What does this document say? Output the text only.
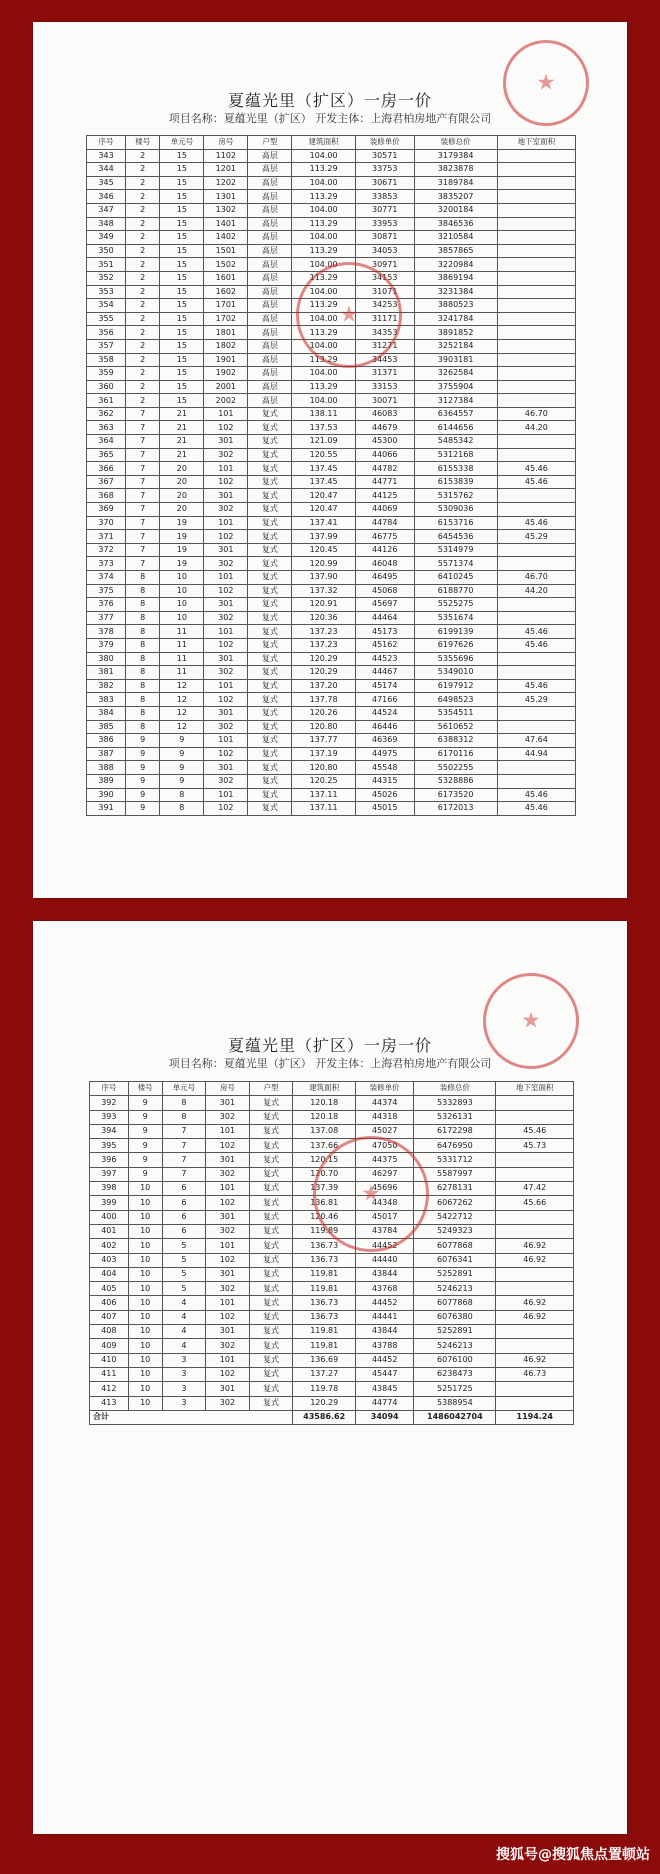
夏蕴光里（扩区）一房一价
项目名称：夏蕴光里（扩区） 开发主体：上海君柏房地产有限公司
序号	楼号	单元号	房号	户型	建筑面积	装修单价	装修总价	地下室面积
343	2	15	1102	高层	104.00	30571	3179384	
344	2	15	1201	高层	113.29	33753	3823878	
345	2	15	1202	高层	104.00	30671	3189784	
346	2	15	1301	高层	113.29	33853	3835207	
347	2	15	1302	高层	104.00	30771	3200184	
348	2	15	1401	高层	113.29	33953	3846536	
349	2	15	1402	高层	104.00	30871	3210584	
350	2	15	1501	高层	113.29	34053	3857865	
351	2	15	1502	高层	104.00	30971	3220984	
352	2	15	1601	高层	113.29	34153	3869194	
353	2	15	1602	高层	104.00	31071	3231384	
354	2	15	1701	高层	113.29	34253	3880523	
355	2	15	1702	高层	104.00	31171	3241784	
356	2	15	1801	高层	113.29	34353	3891852	
357	2	15	1802	高层	104.00	31271	3252184	
358	2	15	1901	高层	113.29	34453	3903181	
359	2	15	1902	高层	104.00	31371	3262584	
360	2	15	2001	高层	113.29	33153	3755904	
361	2	15	2002	高层	104.00	30071	3127384	
362	7	21	101	复式	138.11	46083	6364557	46.70
363	7	21	102	复式	137.53	44679	6144656	44.20
364	7	21	301	复式	121.09	45300	5485342	
365	7	21	302	复式	120.55	44066	5312168	
366	7	20	101	复式	137.45	44782	6155338	45.46
367	7	20	102	复式	137.45	44771	6153839	45.46
368	7	20	301	复式	120.47	44125	5315762	
369	7	20	302	复式	120.47	44069	5309036	
370	7	19	101	复式	137.41	44784	6153716	45.46
371	7	19	102	复式	137.99	46775	6454536	45.29
372	7	19	301	复式	120.45	44126	5314979	
373	7	19	302	复式	120.99	46048	5571374	
374	8	10	101	复式	137.90	46495	6410245	46.70
375	8	10	102	复式	137.32	45068	6188770	44.20
376	8	10	301	复式	120.91	45697	5525275	
377	8	10	302	复式	120.36	44464	5351674	
378	8	11	101	复式	137.23	45173	6199139	45.46
379	8	11	102	复式	137.23	45162	6197626	45.46
380	8	11	301	复式	120.29	44523	5355696	
381	8	11	302	复式	120.29	44467	5349010	
382	8	12	101	复式	137.20	45174	6197912	45.46
383	8	12	102	复式	137.78	47166	6498523	45.29
384	8	12	301	复式	120.26	44524	5354511	
385	8	12	302	复式	120.80	46446	5610652	
386	9	9	101	复式	137.77	46369	6388312	47.64
387	9	9	102	复式	137.19	44975	6170116	44.94
388	9	9	301	复式	120.80	45548	5502255	
389	9	9	302	复式	120.25	44315	5328886	
390	9	8	101	复式	137.11	45026	6173520	45.46
391	9	8	102	复式	137.11	45015	6172013	45.46
★
★
夏蕴光里（扩区）一房一价
项目名称：夏蕴光里（扩区） 开发主体：上海君柏房地产有限公司
序号	楼号	单元号	房号	户型	建筑面积	装修单价	装修总价	地下室面积
392	9	8	301	复式	120.18	44374	5332893	
393	9	8	302	复式	120.18	44318	5326131	
394	9	7	101	复式	137.08	45027	6172298	45.46
395	9	7	102	复式	137.66	47050	6476950	45.73
396	9	7	301	复式	120.15	44375	5331712	
397	9	7	302	复式	120.70	46297	5587997	
398	10	6	101	复式	137.39	45696	6278131	47.42
399	10	6	102	复式	136.81	44348	6067262	45.66
400	10	6	301	复式	120.46	45017	5422712	
401	10	6	302	复式	119.89	43784	5249323	
402	10	5	101	复式	136.73	44452	6077868	46.92
403	10	5	102	复式	136.73	44440	6076341	46.92
404	10	5	301	复式	119.81	43844	5252891	
405	10	5	302	复式	119.81	43768	5246213	
406	10	4	101	复式	136.73	44452	6077868	46.92
407	10	4	102	复式	136.73	44441	6076380	46.92
408	10	4	301	复式	119.81	43844	5252891	
409	10	4	302	复式	119.81	43788	5246213	
410	10	3	101	复式	136.69	44452	6076100	46.92
411	10	3	102	复式	137.27	45447	6238473	46.73
412	10	3	301	复式	119.78	43845	5251725	
413	10	3	302	复式	120.29	44774	5388954	
合计					43586.62	34094	1486042704	1194.24
★
★
搜狐号@搜狐焦点置顿站
